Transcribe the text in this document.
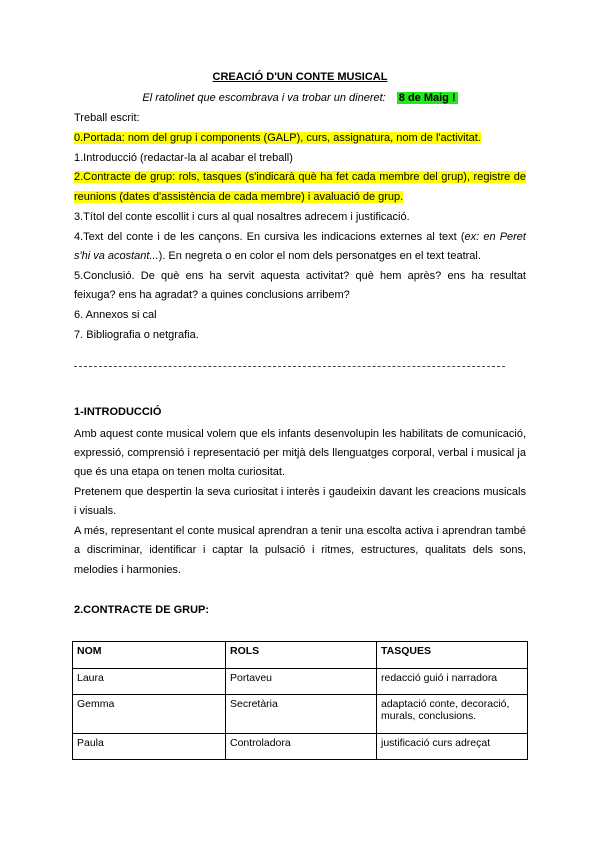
CREACIÓ D'UN CONTE MUSICAL
El ratolinet que escombrava i va trobar un dineret: 8 de Maig !
Treball escrit:
0.Portada: nom del grup i components (GALP), curs, assignatura, nom de l'activitat.
1.Introducció (redactar-la al acabar el treball)
2.Contracte de grup: rols, tasques (s'indicarà què ha fet cada membre del grup), registre de
reunions (dates d'assistència de cada membre) i avaluació de grup.
3.Títol del conte escollit i curs al qual nosaltres adrecem i justificació.
4.Text del conte i de les cançons. En cursiva les indicacions externes al text (ex: en Peret
s'hi va acostant...). En negreta o en color el nom dels personatges en el text teatral.
5.Conclusió. De què ens ha servit aquesta activitat? què hem après? ens ha resultat
feixuga? ens ha agradat? a quines conclusions arribem?
6. Annexos si cal
7. Bibliografia o netgrafia.
1-INTRODUCCIÓ
Amb aquest conte musical volem que els infants desenvolupin les habilitats de comunicació,
expressió, comprensió i representació per mitjà dels llenguatges corporal, verbal i musical ja
que és una etapa on tenen molta curiositat.
Pretenem que despertin la seva curiositat i interès i gaudeixin davant les creacions musicals
i visuals.
A més, representant el conte musical aprendran a tenir una escolta activa i aprendran també
a discriminar, identificar i captar la pulsació i ritmes, estructures, qualitats dels sons,
melodies i harmonies.
2.CONTRACTE DE GRUP:
NOM	ROLS	TASQUES
Laura	Portaveu	redacció guió i narradora
Gemma	Secretària	adaptació conte, decoració, murals, conclusions.
Paula	Controladora	justificació curs adreçat
